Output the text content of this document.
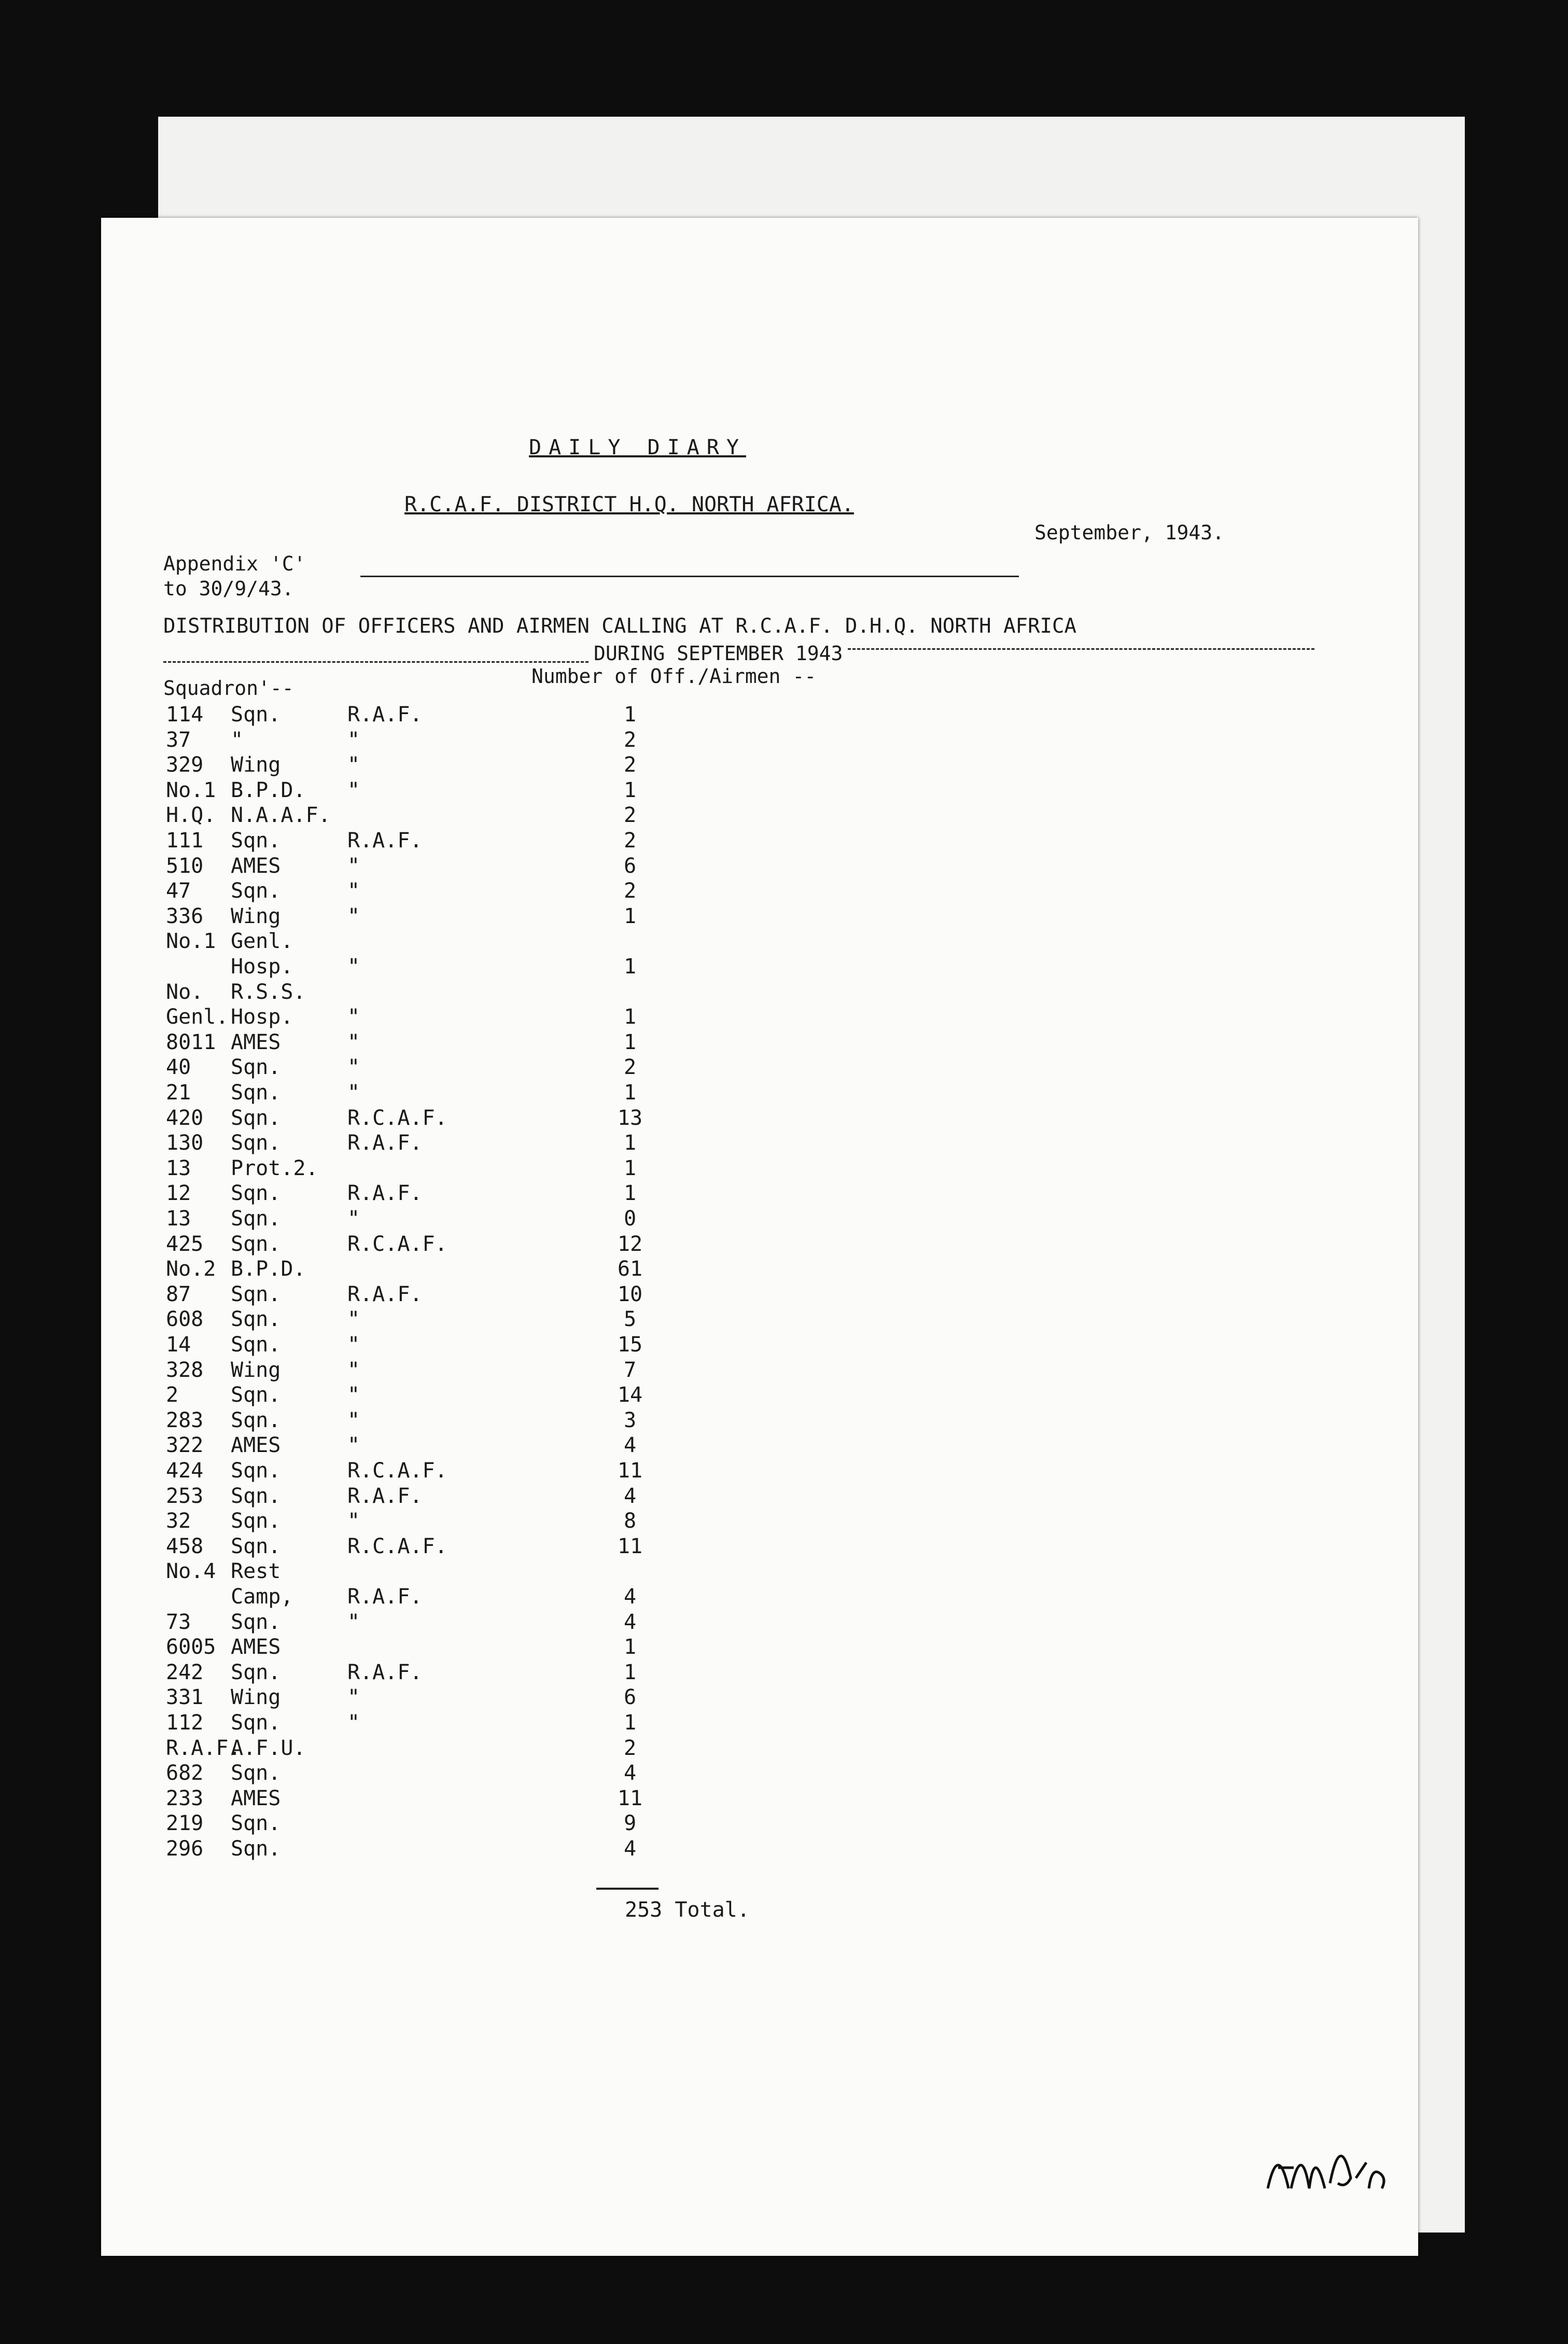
DAILY DIARY
R.C.A.F. DISTRICT H.Q. NORTH AFRICA.
Appendix 'C'
September, 1943.
to 30/9/43.
DISTRIBUTION OF OFFICERS AND AIRMEN CALLING AT R.C.A.F. D.H.Q. NORTH AFRICA
DURING SEPTEMBER 1943
Squadron'--
Number of Off./Airmen --
114 Sqn.	R.A.F.	1
37 "	"	2
329 Wing	"	2
No.1 B.P.D. "	1
H.Q. N.A.A.F.	2
111 Sqn.	R.A.F.	2
510 AMES	"	6
47 Sqn.	"	2
336 Wing	"	1
No.1 Genl.
Hosp.	"	1
No. R.S.S.
Genl. Hosp.	"	1
8011 AMES	"	1
40 Sqn.	"	2
21 Sqn.	"	1
420 Sqn.	R.C.A.F.	13
130 Sqn.	R.A.F.	1
13 Prot.2.	1
12 Sqn.	R.A.F.	1
13 Sqn.	"	0
425 Sqn.	R.C.A.F.	12
No.2 B.P.D.	61
87 Sqn.	R.A.F.	10
608 Sqn.	"	5
14 Sqn.	"	15
328 Wing	"	7
2	Sqn.	"	14
283 Sqn.	"	3
322 AMES	"	4
424 Sqn.	R.C.A.F.	11
253 Sqn.	R.A.F.	4
32 Sqn.	"	8
458 Sqn.	R.C.A.F.	11
No.4 Rest
Camp,	R.A.F.	4
73 Sqn.	"	4
6005 AMES	1
242 Sqn.	R.A.F.	1
331 Wing	"	6
112 Sqn.	"	1
R.A.F.
A.F.U.	2
682 Sqn.	4
233 AMES	11
219 Sqn.	9
296 Sqn.	4
253 Total.
